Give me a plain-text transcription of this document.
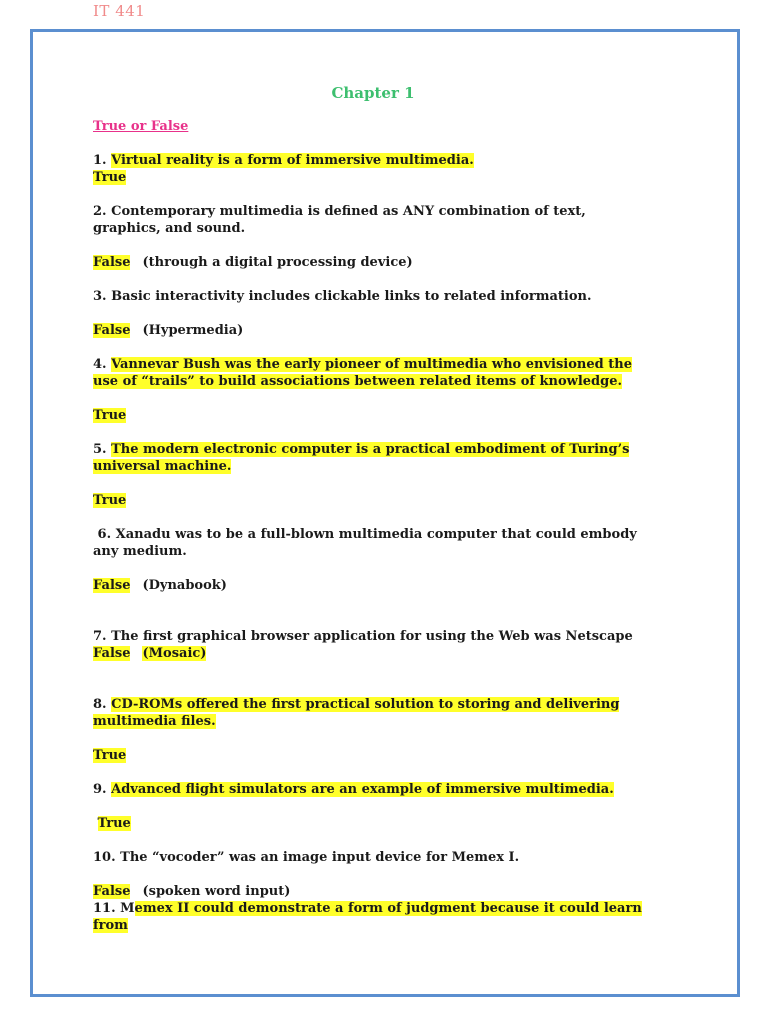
IT 441
Chapter 1
True or False

1. Virtual reality is a form of immersive multimedia.

True

2. Contemporary multimedia is defined as ANY combination of text, graphics, and sound.

False (through a digital processing device)

3. Basic interactivity includes clickable links to related information.

False (Hypermedia)

4. Vannevar Bush was the early pioneer of multimedia who envisioned the use of “trails” to build associations between related items of knowledge.

True

5. The modern electronic computer is a practical embodiment of Turing’s universal machine.

True

6. Xanadu was to be a full-blown multimedia computer that could embody any medium.

False (Dynabook)

7. The first graphical browser application for using the Web was Netscape

False (Mosaic)

8. CD-ROMs offered the first practical solution to storing and delivering multimedia files.

True

9. Advanced flight simulators are an example of immersive multimedia.

True

10. The “vocoder” was an image input device for Memex I.

False (spoken word input)

11. Memex II could demonstrate a form of judgment because it could learn from
